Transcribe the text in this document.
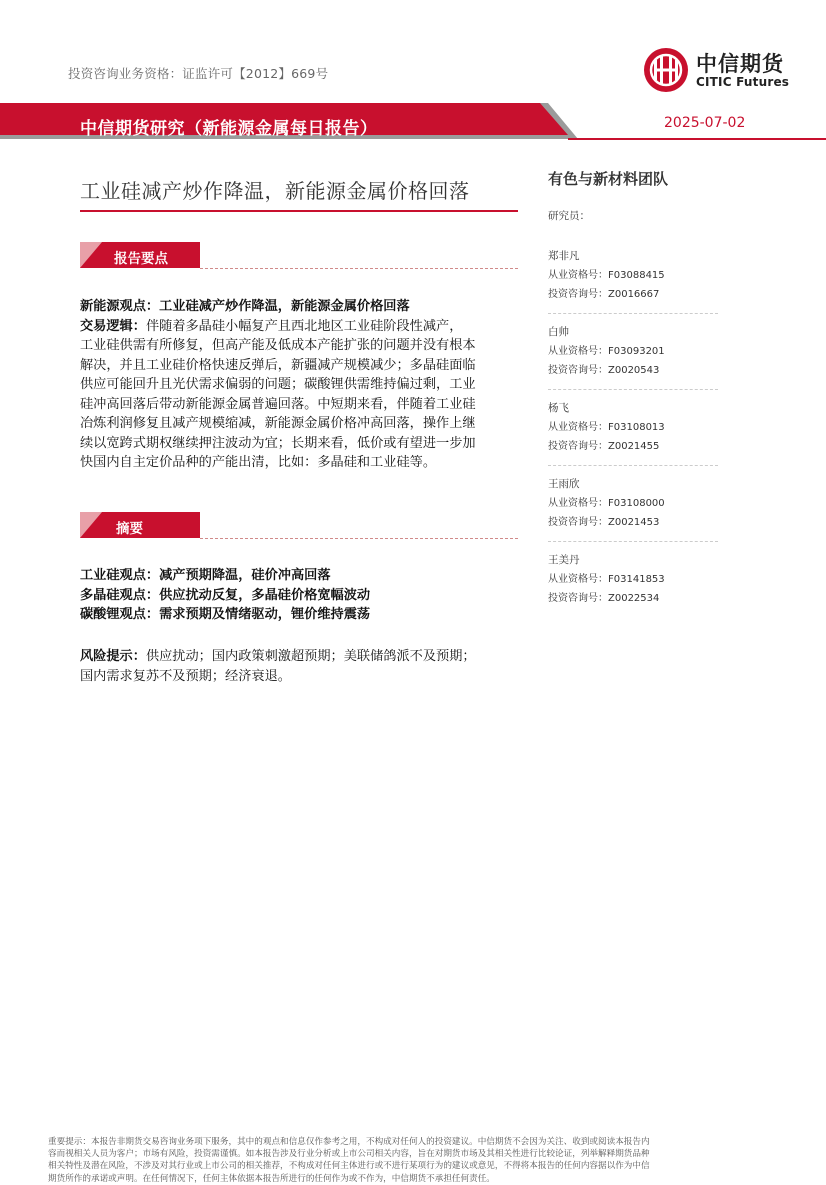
投资咨询业务资格：证监许可【2012】669号	中信期货
CITIC Futures
中信期货研究（新能源金属每日报告）	2025-07-02
工业硅减产炒作降温，新能源金属价格回落
报告要点
新能源观点：工业硅减产炒作降温，新能源金属价格回落
交易逻辑：伴随着多晶硅小幅复产且西北地区工业硅阶段性减产，
工业硅供需有所修复，但高产能及低成本产能扩张的问题并没有根本
解决，并且工业硅价格快速反弹后，新疆减产规模减少；多晶硅面临
供应可能回升且光伏需求偏弱的问题；碳酸锂供需维持偏过剩，工业
硅冲高回落后带动新能源金属普遍回落。中短期来看，伴随着工业硅
冶炼利润修复且减产规模缩减，新能源金属价格冲高回落，操作上继
续以宽跨式期权继续押注波动为宜；长期来看，低价或有望进一步加
快国内自主定价品种的产能出清，比如：多晶硅和工业硅等。
摘要
工业硅观点：减产预期降温，硅价冲高回落
多晶硅观点：供应扰动反复，多晶硅价格宽幅波动
碳酸锂观点：需求预期及情绪驱动，锂价维持震荡
风险提示：供应扰动；国内政策刺激超预期；美联储鸽派不及预期；
国内需求复苏不及预期；经济衰退。
有色与新材料团队
研究员：
郑非凡
从业资格号：F03088415
投资咨询号：Z0016667
白帅
从业资格号：F03093201
投资咨询号：Z0020543
杨飞
从业资格号：F03108013
投资咨询号：Z0021455
王雨欣
从业资格号：F03108000
投资咨询号：Z0021453
王美丹
从业资格号：F03141853
投资咨询号：Z0022534
重要提示：本报告非期货交易咨询业务项下服务，其中的观点和信息仅作参考之用，不构成对任何人的投资建议。中信期货不会因为关注、收到或阅读本报告内
容而视相关人员为客户；市场有风险，投资需谨慎。如本报告涉及行业分析或上市公司相关内容，旨在对期货市场及其相关性进行比较论证，列举解释期货品种
相关特性及潜在风险，不涉及对其行业或上市公司的相关推荐，不构成对任何主体进行或不进行某项行为的建议或意见，不得将本报告的任何内容据以作为中信
期货所作的承诺或声明。在任何情况下，任何主体依据本报告所进行的任何作为或不作为，中信期货不承担任何责任。
